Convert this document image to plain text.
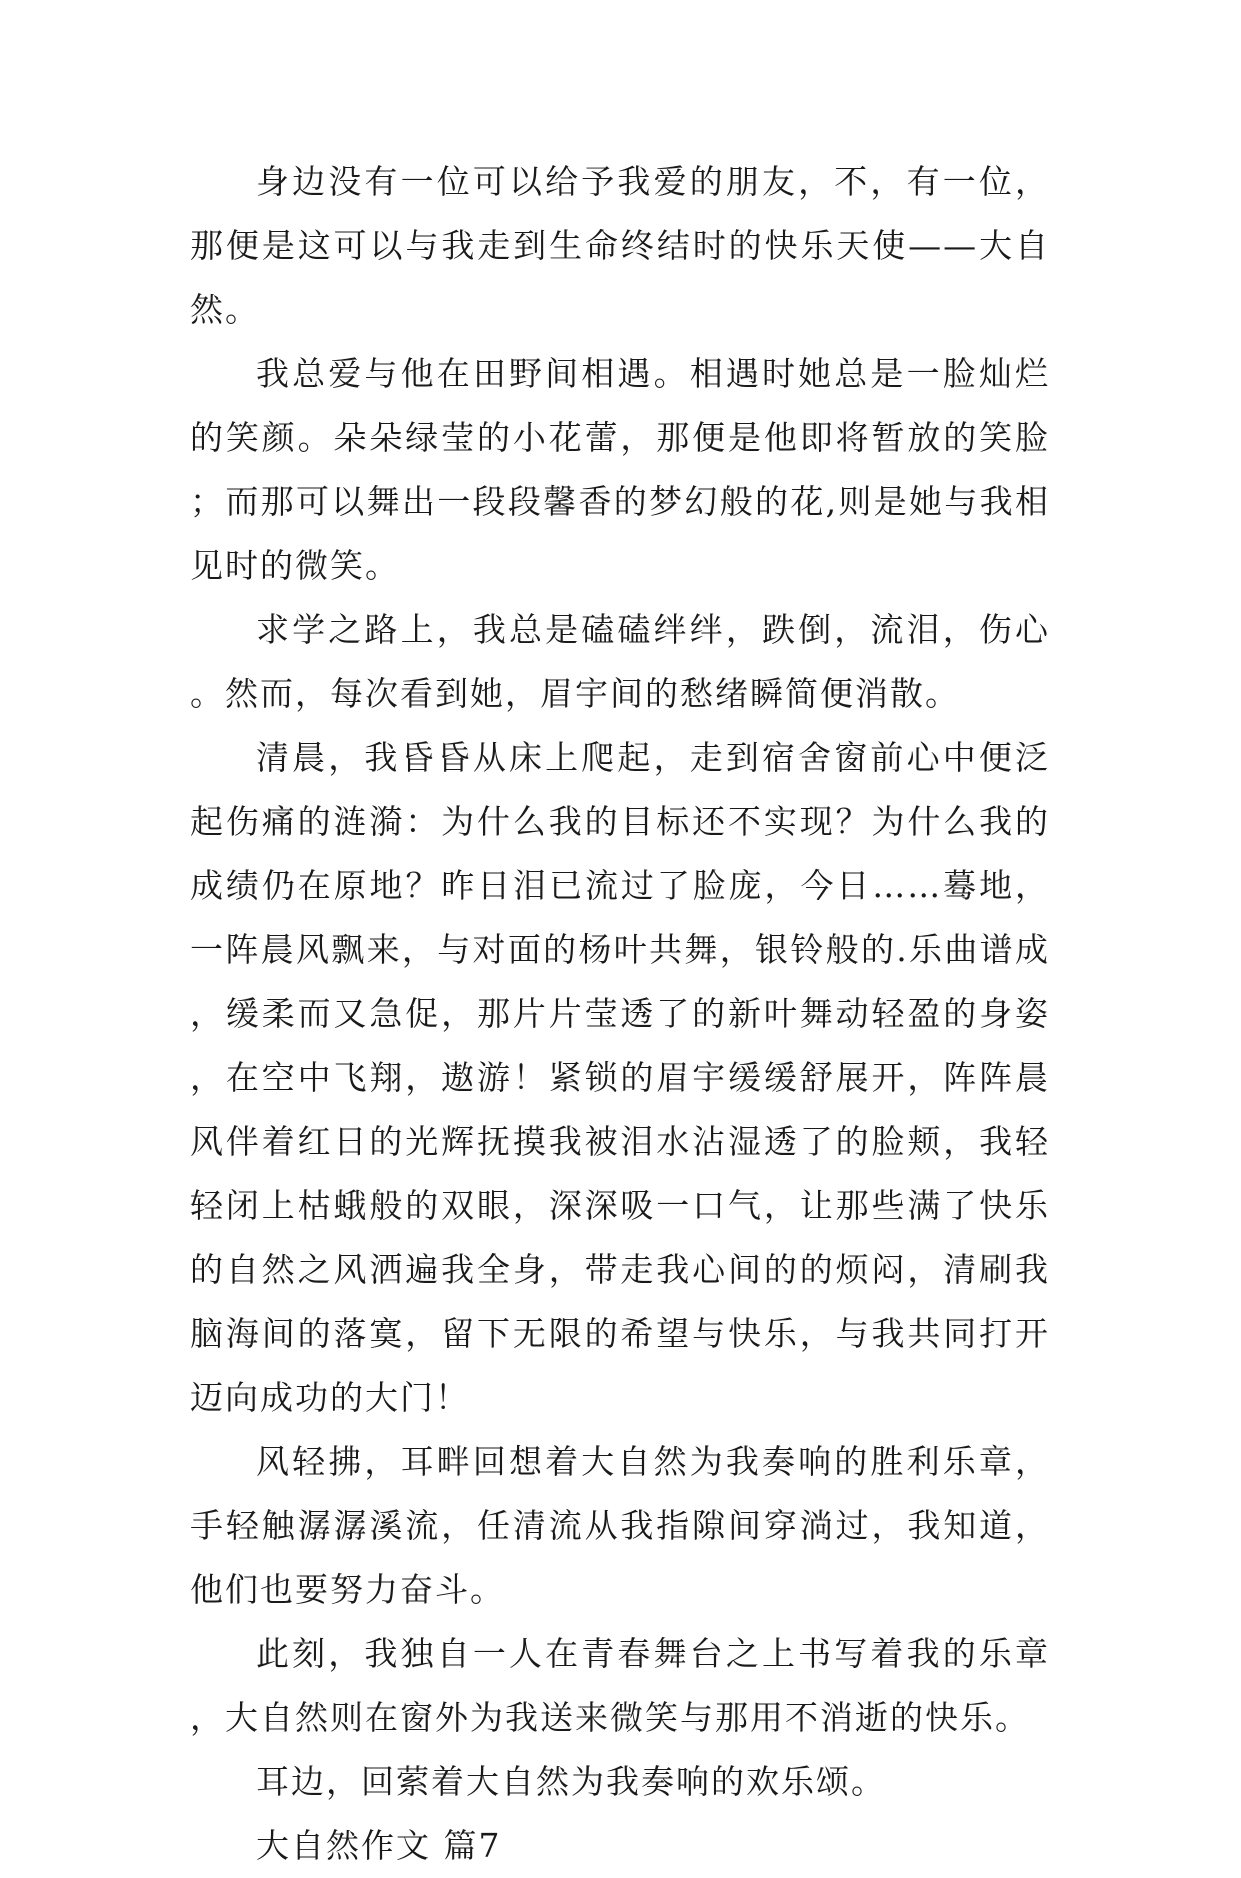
身边没有一位可以给予我爱的朋友，不，有一位，那便是这可以与我走到生命终结时的快乐天使——大自然。

我总爱与他在田野间相遇。相遇时她总是一脸灿烂的笑颜。朵朵绿莹的小花蕾，那便是他即将暂放的笑脸；而那可以舞出一段段馨香的梦幻般的花,则是她与我相见时的微笑。

求学之路上，我总是磕磕绊绊，跌倒，流泪，伤心。然而，每次看到她，眉宇间的愁绪瞬简便消散。

清晨，我昏昏从床上爬起，走到宿舍窗前心中便泛起伤痛的涟漪：为什么我的目标还不实现？为什么我的成绩仍在原地？昨日泪已流过了脸庞，今日……蓦地，一阵晨风飘来，与对面的杨叶共舞，银铃般的.乐曲谱成，缓柔而又急促，那片片莹透了的新叶舞动轻盈的身姿，在空中飞翔，遨游！紧锁的眉宇缓缓舒展开，阵阵晨风伴着红日的光辉抚摸我被泪水沾湿透了的脸颊，我轻轻闭上枯蛾般的双眼，深深吸一口气，让那些满了快乐的自然之风洒遍我全身，带走我心间的的烦闷，清刷我脑海间的落寞，留下无限的希望与快乐，与我共同打开迈向成功的大门！

风轻拂，耳畔回想着大自然为我奏响的胜利乐章，手轻触潺潺溪流，任清流从我指隙间穿淌过，我知道，他们也要努力奋斗。

此刻，我独自一人在青春舞台之上书写着我的乐章，大自然则在窗外为我送来微笑与那用不消逝的快乐。

耳边，回萦着大自然为我奏响的欢乐颂。

大自然作文 篇7
